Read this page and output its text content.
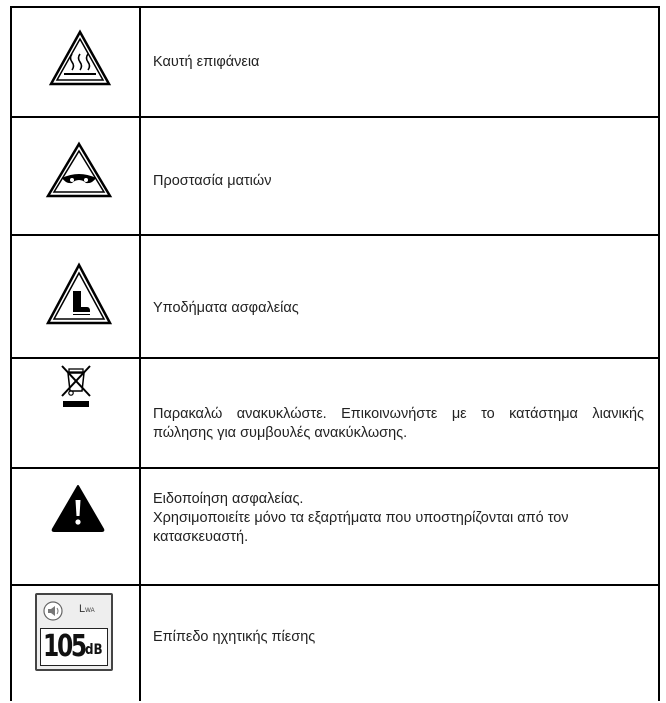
Καυτή επιφάνεια
Προστασία ματιών
Υποδήματα ασφαλείας
Παρακαλώ ανακυκλώστε. Επικοινωνήστε με το κατάστημα λιανικής πώλησης για συμβουλές ανακύκλωσης.
Ειδοποίηση ασφαλείας.
Χρησιμοποιείτε μόνο τα εξαρτήματα που υποστηρίζονται από τον κατασκευαστή.
LWA
105 dB
Επίπεδο ηχητικής πίεσης
